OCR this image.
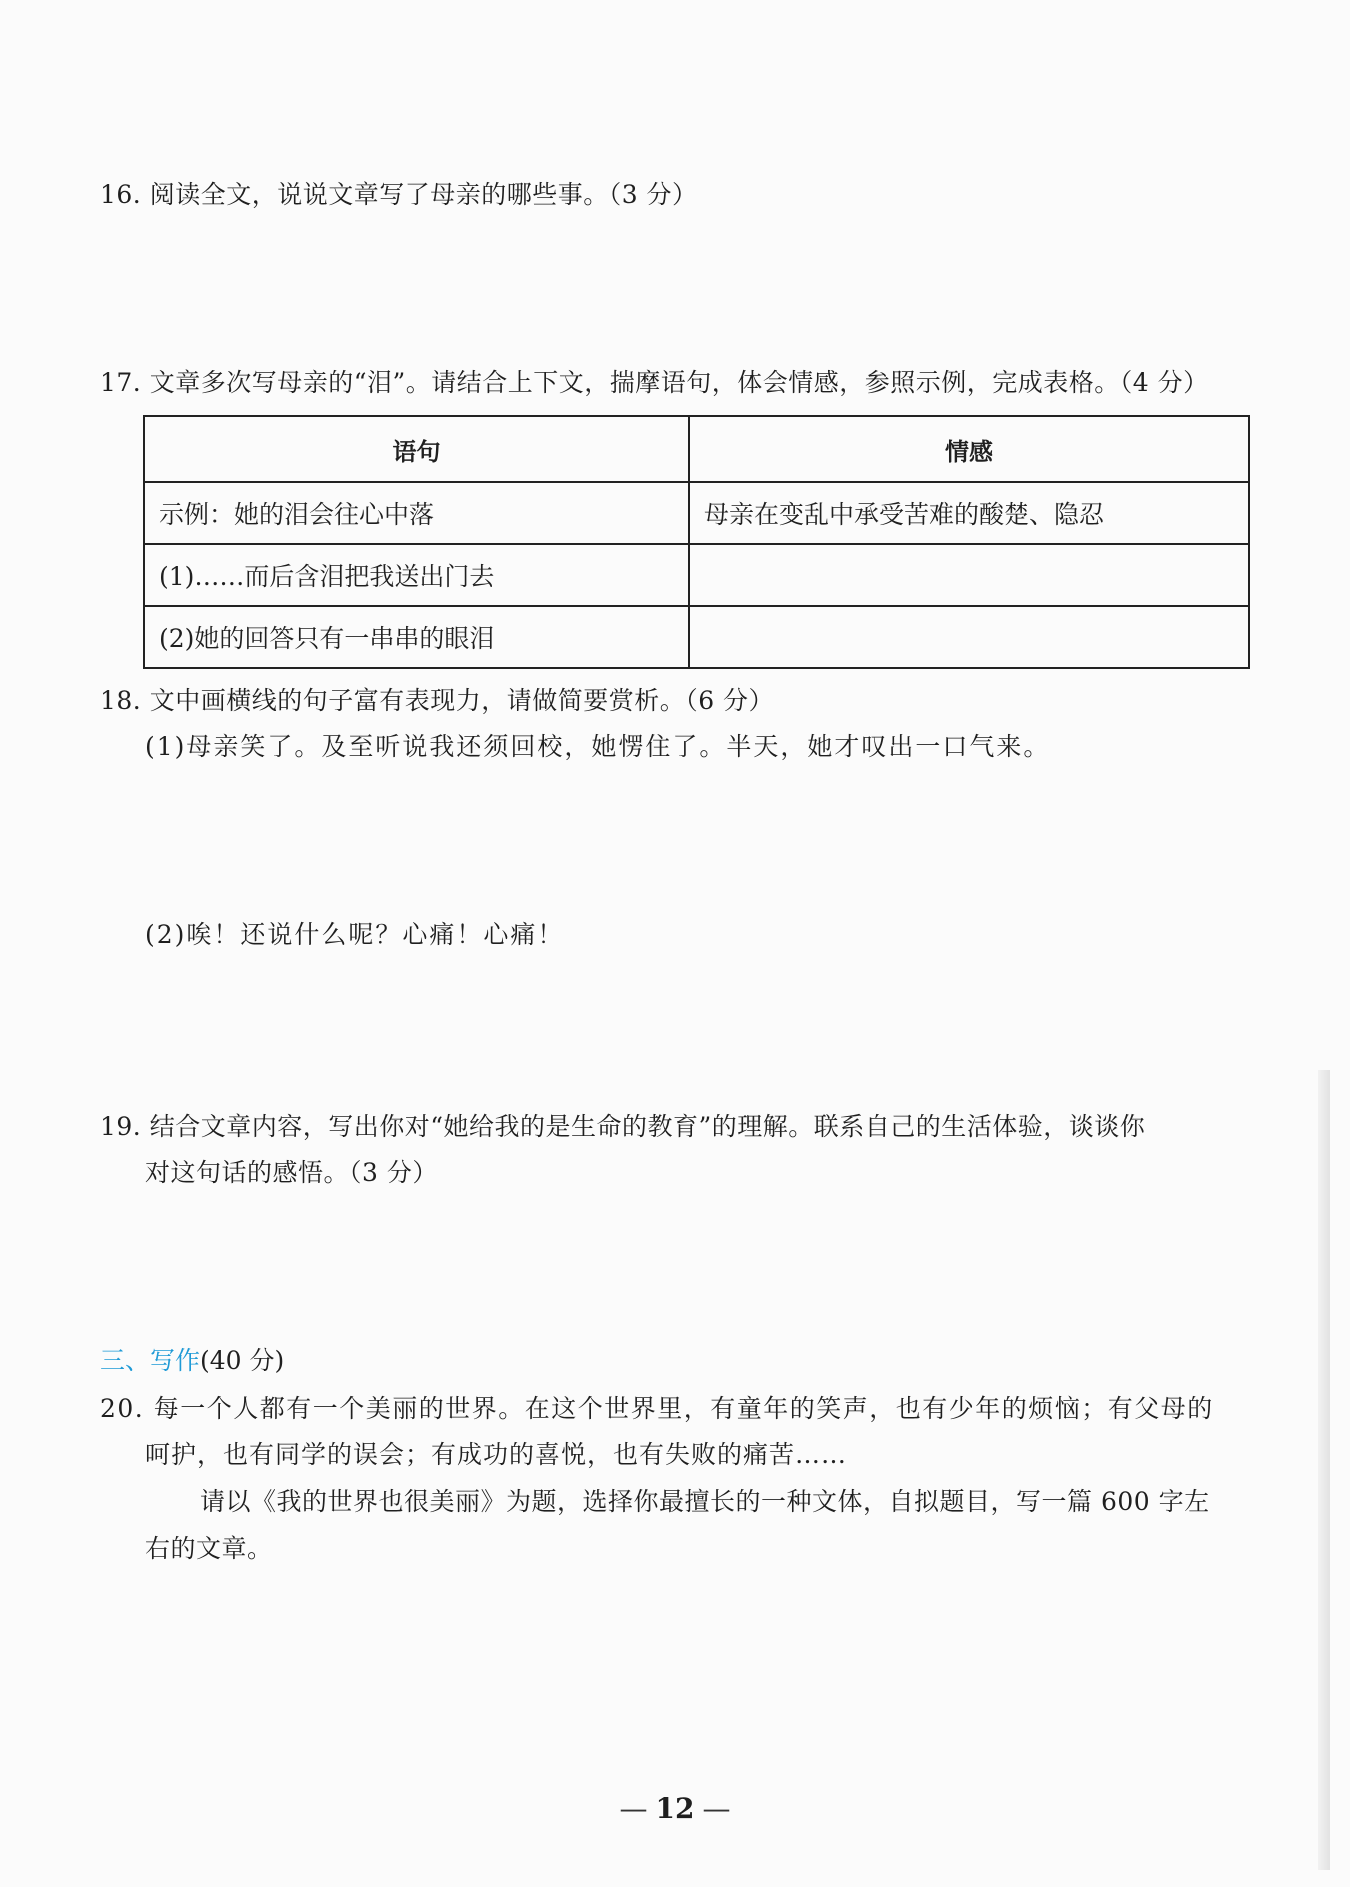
16. 阅读全文，说说文章写了母亲的哪些事。（3 分）
17. 文章多次写母亲的“泪”。请结合上下文，揣摩语句，体会情感，参照示例，完成表格。（4 分）
语句	情感
示例：她的泪会往心中落	母亲在变乱中承受苦难的酸楚、隐忍
(1)……而后含泪把我送出门去	
(2)她的回答只有一串串的眼泪	
18. 文中画横线的句子富有表现力，请做简要赏析。（6 分）
(1)母亲笑了。及至听说我还须回校，她愣住了。半天，她才叹出一口气来。
(2)唉！还说什么呢？心痛！心痛！
19. 结合文章内容，写出你对“她给我的是生命的教育”的理解。联系自己的生活体验，谈谈你
对这句话的感悟。（3 分）
三、写作(40 分)
20. 每一个人都有一个美丽的世界。在这个世界里，有童年的笑声，也有少年的烦恼；有父母的
呵护，也有同学的误会；有成功的喜悦，也有失败的痛苦……
请以《我的世界也很美丽》为题，选择你最擅长的一种文体，自拟题目，写一篇 600 字左
右的文章。
— 12 —
